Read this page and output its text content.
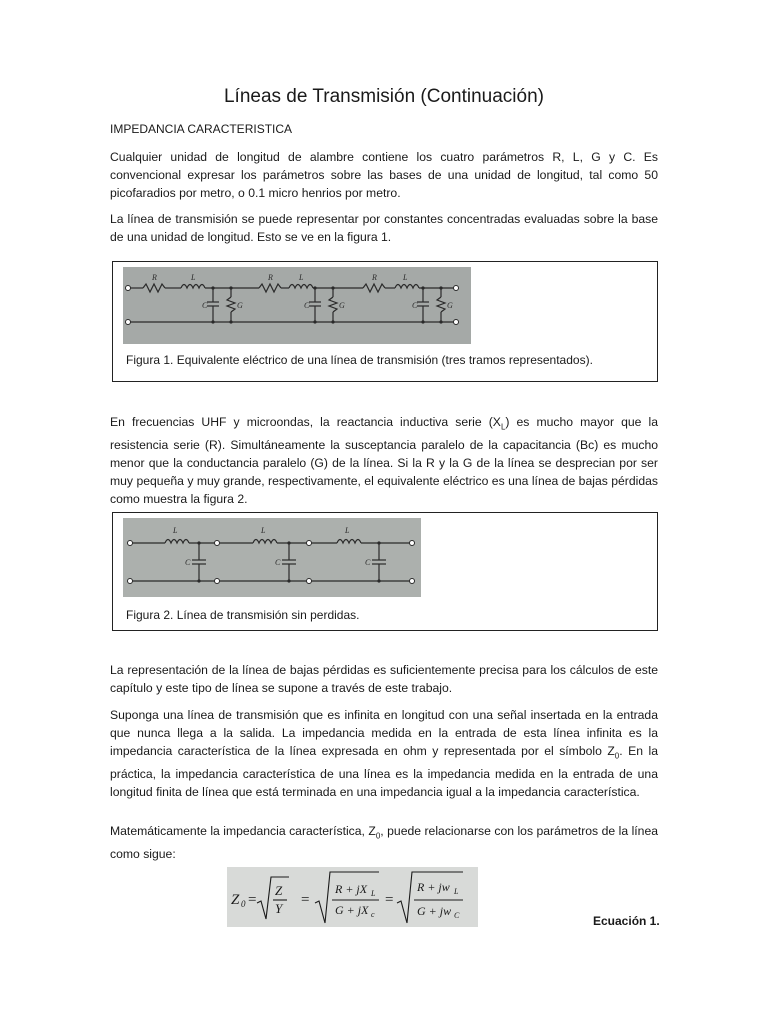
Líneas de Transmisión (Continuación)
IMPEDANCIA CARACTERISTICA

Cualquier unidad de longitud de alambre contiene los cuatro parámetros R, L, G y C. Es convencional expresar los parámetros sobre las bases de una unidad de longitud, tal como 50 picofaradios por metro, o 0.1 micro henrios por metro.

La línea de transmisión se puede representar por constantes concentradas evaluadas sobre la base de una unidad de longitud. Esto se ve en la figura 1.

R	L
C	G
R	L
C	G
R	L
C	G
Figura 1. Equivalente eléctrico de una línea de transmisión (tres tramos representados).

En frecuencias UHF y microondas, la reactancia inductiva serie $(X_L)$ es mucho mayor que la resistencia serie (R). Simultáneamente la susceptancia paralelo de la capacitancia (Bc) es mucho menor que la conductancia paralelo (G) de la línea. Si la R y la G de la línea se desprecian por ser muy pequeña y muy grande, respectivamente, el equivalente eléctrico es una línea de bajas pérdidas como muestra la figura 2.

L	L	L
C	C	C
Figura 2. Línea de transmisión sin perdidas.

La representación de la línea de bajas pérdidas es suficientemente precisa para los cálculos de este capítulo y este tipo de línea se supone a través de este trabajo.

Suponga una línea de transmisión que es infinita en longitud con una señal insertada en la entrada que nunca llega a la salida. La impedancia medida en la entrada de esta línea infinita es la impedancia característica de la línea expresada en ohm y representada por el símbolo $Z_0$. En la práctica, la impedancia característica de una línea es la impedancia medida en la entrada de una longitud finita de línea que está terminada en una impedancia igual a la impedancia característica.

Matemáticamente la impedancia característica, $Z_0$, puede relacionarse con los parámetros de la línea como sigue:

Z 0 =
Z
Y
=
R + jX L
G + jX c
=
R + jw L
G + jw C	Ecuación 1.
